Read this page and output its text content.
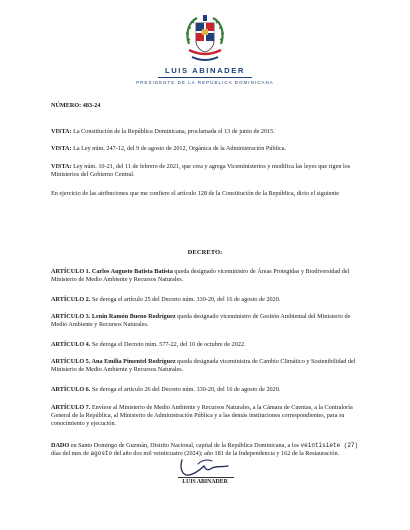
LUIS ABINADER
PRESIDENTE DE LA REPÚBLICA DOMINICANA
NÚMERO: 483-24

VISTA: La Constitución de la República Dominicana, proclamada el 13 de junio de 2015.

VISTA: La Ley núm. 247-12, del 9 de agosto de 2012, Orgánica de la Administración Pública.

VISTA: Ley núm. 10-21, del 11 de febrero de 2021, que crea y agrega Viceministerios y modifica las leyes que rigen los Ministerios del Gobierno Central.

En ejercicio de las atribuciones que me confiere el artículo 128 de la Constitución de la República, dicto el siguiente

DECRETO:

ARTÍCULO 1. Carlos Augusto Batista Batista queda designado viceministro de Áreas Protegidas y Biodiversidad del Ministerio de Medio Ambiente y Recursos Naturales.

ARTÍCULO 2. Se deroga el artículo 25 del Decreto núm. 330-20, del 16 de agosto de 2020.

ARTÍCULO 3. Lenin Ramón Bueno Rodríguez queda designado viceministro de Gestión Ambiental del Ministerio de Medio Ambiente y Recursos Naturales.

ARTÍCULO 4. Se deroga el Decreto núm. 577-22, del 10 de octubre de 2022.

ARTÍCULO 5. Ana Emilia Pimentel Rodríguez queda designada viceministra de Cambio Climático y Sostenibilidad del Ministerio de Medio Ambiente y Recursos Naturales.

ARTÍCULO 6. Se deroga el artículo 26 del Decreto núm. 330-20, del 16 de agosto de 2020.

ARTÍCULO 7. Envíese al Ministerio de Medio Ambiente y Recursos Naturales, a la Cámara de Cuentas, a la Contraloría General de la República, al Ministerio de Administración Pública y a las demás instituciones correspondientes, para su conocimiento y ejecución.

DADO en Santo Domingo de Guzmán, Distrito Nacional, capital de la República Dominicana, a los veintisiete (27) días del mes de agosto del año dos mil veinticuatro (2024); año 181 de la Independencia y 162 de la Restauración.

LUIS ABINADER
